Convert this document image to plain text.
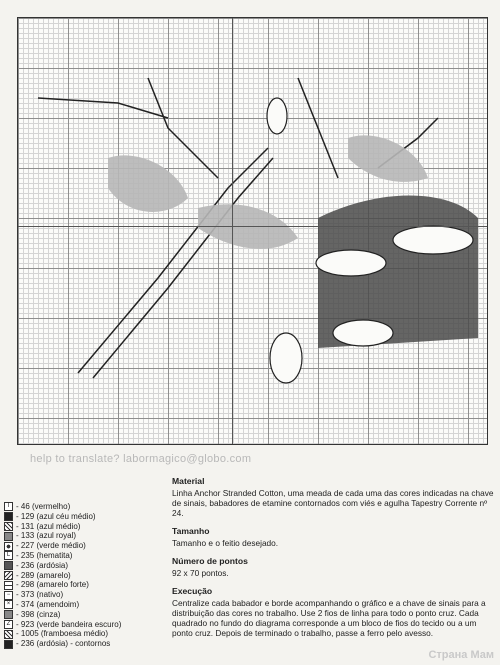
help to translate? labormagico@globo.com
I - 46 (vermelho)
- 129 (azul céu médio)
- 131 (azul médio)
- 133 (azul royal)
- 227 (verde médio)
L - 235 (hematita)
- 236 (ardósia)
- 289 (amarelo)
- 298 (amarelo forte)
− - 373 (nativo)
× - 374 (amendoim)
- 398 (cinza)
Z - 923 (verde bandeira escuro)
- 1005 (framboesa médio)
- 236 (ardósia) - contornos
Material

Linha Anchor Stranded Cotton, uma meada de cada uma das cores indicadas na chave de sinais, babadores de etamine contornados com viés e agulha Tapestry Corrente nº 24.

Tamanho

Tamanho e o feitio desejado.

Número de pontos

92 x 70 pontos.

Execução

Centralize cada babador e borde acompanhando o gráfico e a chave de sinais para a distribuição das cores no trabalho. Use 2 fios de linha para todo o ponto cruz. Cada quadrado no fundo do diagrama corresponde a um bloco de fios do tecido ou a um ponto cruz. Depois de terminado o trabalho, passe a ferro pelo avesso.

Страна Мам
